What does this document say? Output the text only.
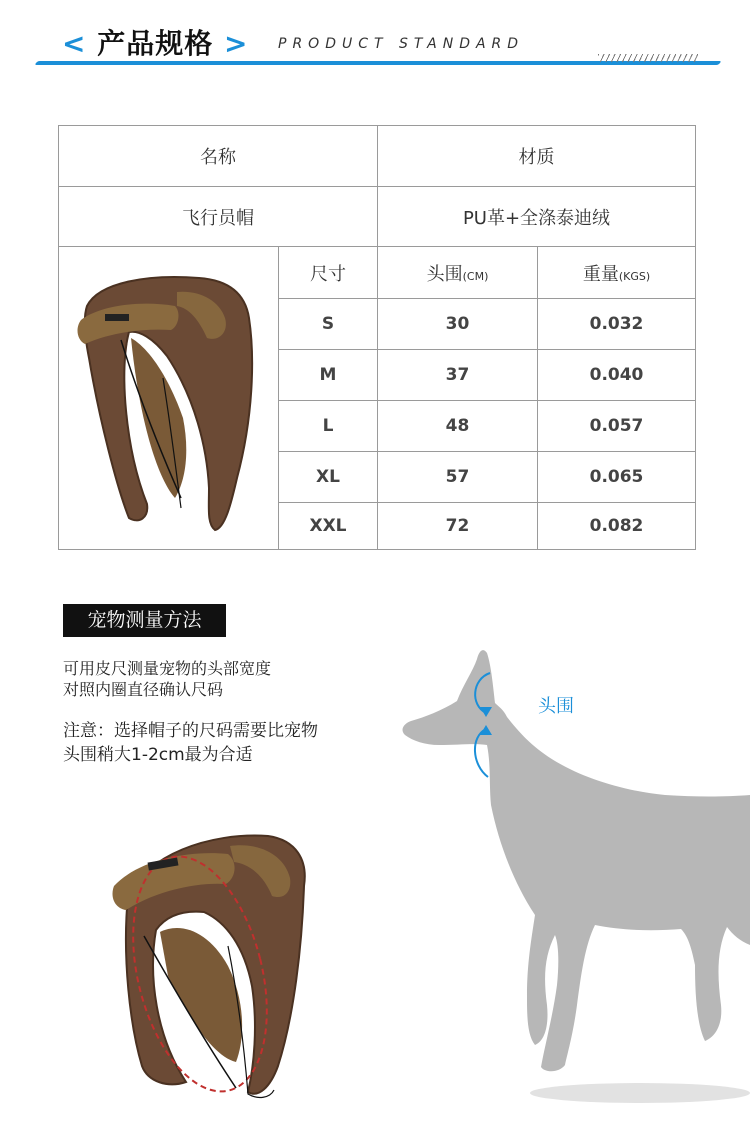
< 产品规格 > PRODUCT STANDARD
名称		材质	
飞行员帽		PU革+全涤泰迪绒	

	尺寸	头围(CM)	重量(KGS)
	S	30	0.032
	M	37	0.040
	L	48	0.057
	XL	57	0.065
	XXL	72	0.082
宠物测量方法
可用皮尺测量宠物的头部宽度
对照内圈直径确认尺码
注意：选择帽子的尺码需要比宠物
头围稍大1-2cm最为合适
头围
